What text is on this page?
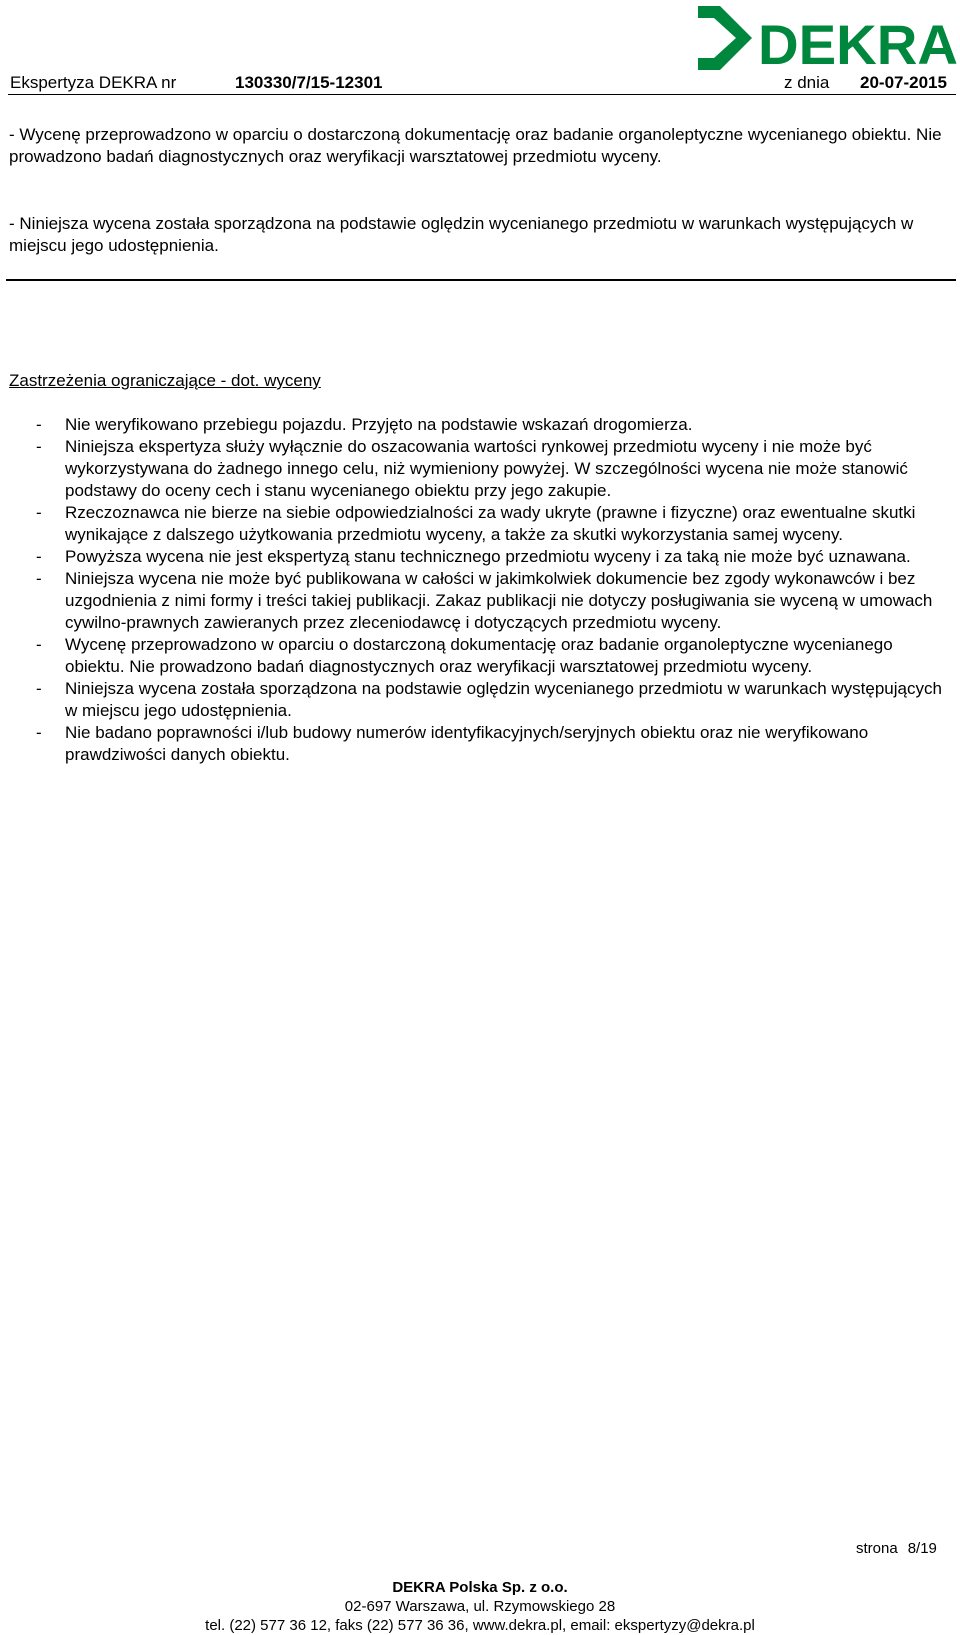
DEKRA
Ekspertyza DEKRA nr	130330/7/15-12301	z dnia 20-07-2015

- Wycenę przeprowadzono w oparciu o dostarczoną dokumentację oraz badanie organoleptyczne wycenianego obiektu. Nie prowadzono badań diagnostycznych oraz weryfikacji warsztatowej przedmiotu wyceny.

- Niniejsza wycena została sporządzona na podstawie oględzin wycenianego przedmiotu w warunkach występujących w miejscu jego udostępnienia.

Zastrzeżenia ograniczające - dot. wyceny
- Nie weryfikowano przebiegu pojazdu. Przyjęto na podstawie wskazań drogomierza.
- Niniejsza ekspertyza służy wyłącznie do oszacowania wartości rynkowej przedmiotu wyceny i nie może być wykorzystywana do żadnego innego celu, niż wymieniony powyżej. W szczególności wycena nie może stanowić podstawy do oceny cech i stanu wycenianego obiektu przy jego zakupie.
- Rzeczoznawca nie bierze na siebie odpowiedzialności za wady ukryte (prawne i fizyczne) oraz ewentualne skutki wynikające z dalszego użytkowania przedmiotu wyceny, a także za skutki wykorzystania samej wyceny.
- Powyższa wycena nie jest ekspertyzą stanu technicznego przedmiotu wyceny i za taką nie może być uznawana.
- Niniejsza wycena nie może być publikowana w całości w jakimkolwiek dokumencie bez zgody wykonawców i bez uzgodnienia z nimi formy i treści takiej publikacji. Zakaz publikacji nie dotyczy posługiwania sie wyceną w umowach cywilno-prawnych zawieranych przez zleceniodawcę i dotyczących przedmiotu wyceny.
- Wycenę przeprowadzono w oparciu o dostarczoną dokumentację oraz badanie organoleptyczne wycenianego obiektu. Nie prowadzono badań diagnostycznych oraz weryfikacji warsztatowej przedmiotu wyceny.
- Niniejsza wycena została sporządzona na podstawie oględzin wycenianego przedmiotu w warunkach występujących w miejscu jego udostępnienia.
- Nie badano poprawności i/lub budowy numerów identyfikacyjnych/seryjnych obiektu oraz nie weryfikowano prawdziwości danych obiektu.
strona 8/19
DEKRA Polska Sp. z o.o.
02-697 Warszawa, ul. Rzymowskiego 28
tel. (22) 577 36 12, faks (22) 577 36 36, www.dekra.pl, email: ekspertyzy@dekra.pl
